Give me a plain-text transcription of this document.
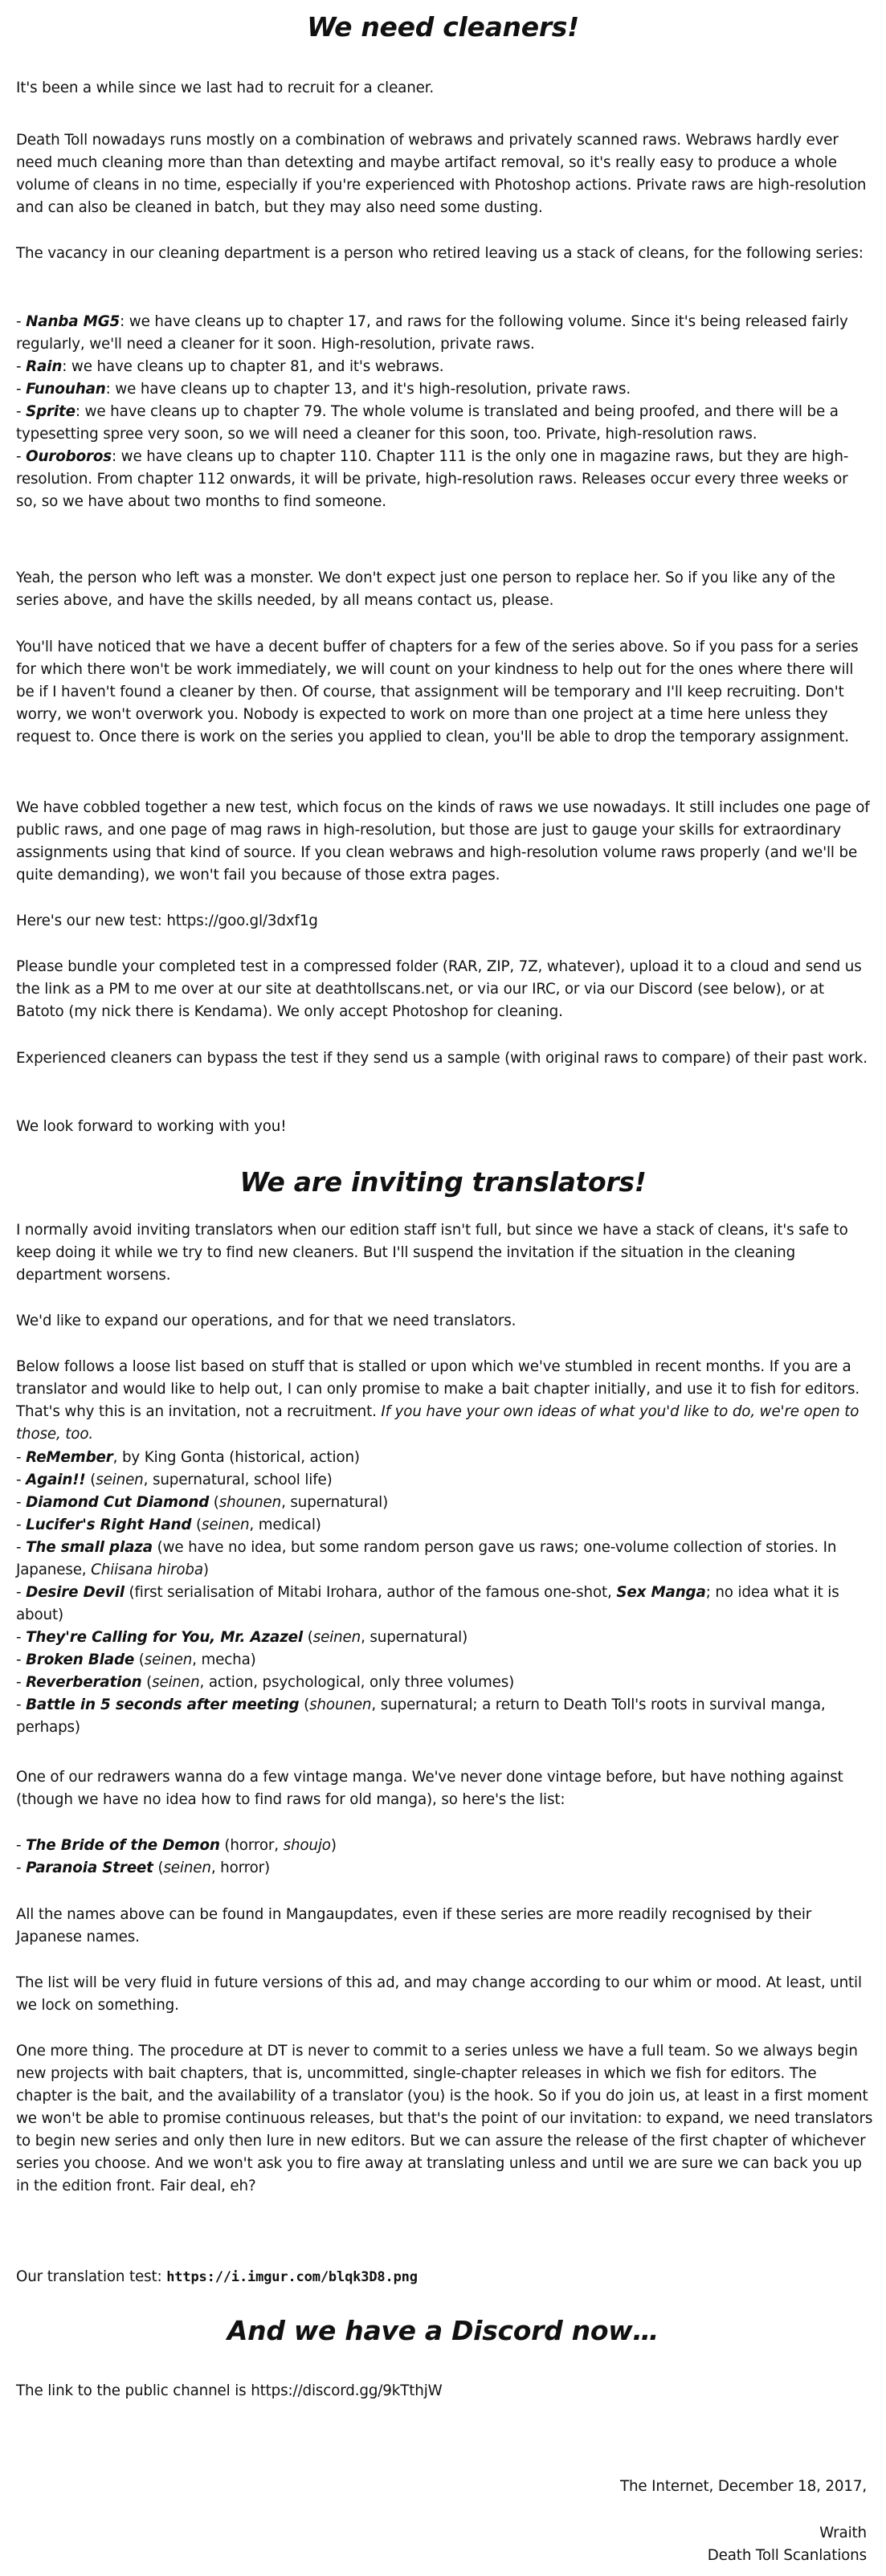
We need cleaners!

It's been a while since we last had to recruit for a cleaner.

Death Toll nowadays runs mostly on a combination of webraws and privately scanned raws. Webraws hardly ever need much cleaning more than than detexting and maybe artifact removal, so it's really easy to produce a whole volume of cleans in no time, especially if you're experienced with Photoshop actions. Private raws are high-resolution and can also be cleaned in batch, but they may also need some dusting.

The vacancy in our cleaning department is a person who retired leaving us a stack of cleans, for the following series:

- Nanba MG5: we have cleans up to chapter 17, and raws for the following volume. Since it's being released fairly regularly, we'll need a cleaner for it soon. High-resolution, private raws.
- Rain: we have cleans up to chapter 81, and it's webraws.
- Funouhan: we have cleans up to chapter 13, and it's high-resolution, private raws.
- Sprite: we have cleans up to chapter 79. The whole volume is translated and being proofed, and there will be a typesetting spree very soon, so we will need a cleaner for this soon, too. Private, high-resolution raws.
- Ouroboros: we have cleans up to chapter 110. Chapter 111 is the only one in magazine raws, but they are high-resolution. From chapter 112 onwards, it will be private, high-resolution raws. Releases occur every three weeks or so, so we have about two months to find someone.

Yeah, the person who left was a monster. We don't expect just one person to replace her. So if you like any of the series above, and have the skills needed, by all means contact us, please.

You'll have noticed that we have a decent buffer of chapters for a few of the series above. So if you pass for a series for which there won't be work immediately, we will count on your kindness to help out for the ones where there will be if I haven't found a cleaner by then. Of course, that assignment will be temporary and I'll keep recruiting. Don't worry, we won't overwork you. Nobody is expected to work on more than one project at a time here unless they request to. Once there is work on the series you applied to clean, you'll be able to drop the temporary assignment.

We have cobbled together a new test, which focus on the kinds of raws we use nowadays. It still includes one page of public raws, and one page of mag raws in high-resolution, but those are just to gauge your skills for extraordinary assignments using that kind of source. If you clean webraws and high-resolution volume raws properly (and we'll be quite demanding), we won't fail you because of those extra pages.

Here's our new test: https://goo.gl/3dxf1g

Please bundle your completed test in a compressed folder (RAR, ZIP, 7Z, whatever), upload it to a cloud and send us the link as a PM to me over at our site at deathtollscans.net, or via our IRC, or via our Discord (see below), or at Batoto (my nick there is Kendama). We only accept Photoshop for cleaning.

Experienced cleaners can bypass the test if they send us a sample (with original raws to compare) of their past work.

We look forward to working with you!

We are inviting translators!

I normally avoid inviting translators when our edition staff isn't full, but since we have a stack of cleans, it's safe to keep doing it while we try to find new cleaners. But I'll suspend the invitation if the situation in the cleaning department worsens.

We'd like to expand our operations, and for that we need translators.

Below follows a loose list based on stuff that is stalled or upon which we've stumbled in recent months. If you are a translator and would like to help out, I can only promise to make a bait chapter initially, and use it to fish for editors. That's why this is an invitation, not a recruitment. If you have your own ideas of what you'd like to do, we're open to those, too.

- ReMember, by King Gonta (historical, action)
- Again!! (seinen, supernatural, school life)
- Diamond Cut Diamond (shounen, supernatural)
- Lucifer's Right Hand (seinen, medical)
- The small plaza (we have no idea, but some random person gave us raws; one-volume collection of stories. In Japanese, Chiisana hiroba)
- Desire Devil (first serialisation of Mitabi Irohara, author of the famous one-shot, Sex Manga; no idea what it is about)
- They're Calling for You, Mr. Azazel (seinen, supernatural)
- Broken Blade (seinen, mecha)
- Reverberation (seinen, action, psychological, only three volumes)
- Battle in 5 seconds after meeting (shounen, supernatural; a return to Death Toll's roots in survival manga, perhaps)

One of our redrawers wanna do a few vintage manga. We've never done vintage before, but have nothing against (though we have no idea how to find raws for old manga), so here's the list:

- The Bride of the Demon (horror, shoujo)
- Paranoia Street (seinen, horror)

All the names above can be found in Mangaupdates, even if these series are more readily recognised by their Japanese names.

The list will be very fluid in future versions of this ad, and may change according to our whim or mood. At least, until we lock on something.

One more thing. The procedure at DT is never to commit to a series unless we have a full team. So we always begin new projects with bait chapters, that is, uncommitted, single-chapter releases in which we fish for editors. The chapter is the bait, and the availability of a translator (you) is the hook. So if you do join us, at least in a first moment we won't be able to promise continuous releases, but that's the point of our invitation: to expand, we need translators to begin new series and only then lure in new editors. But we can assure the release of the first chapter of whichever series you choose. And we won't ask you to fire away at translating unless and until we are sure we can back you up in the edition front. Fair deal, eh?

Our translation test: https://i.imgur.com/blqk3D8.png

And we have a Discord now…

The link to the public channel is https://discord.gg/9kTthjW

The Internet, December 18, 2017,

Wraith

Death Toll Scanlations
